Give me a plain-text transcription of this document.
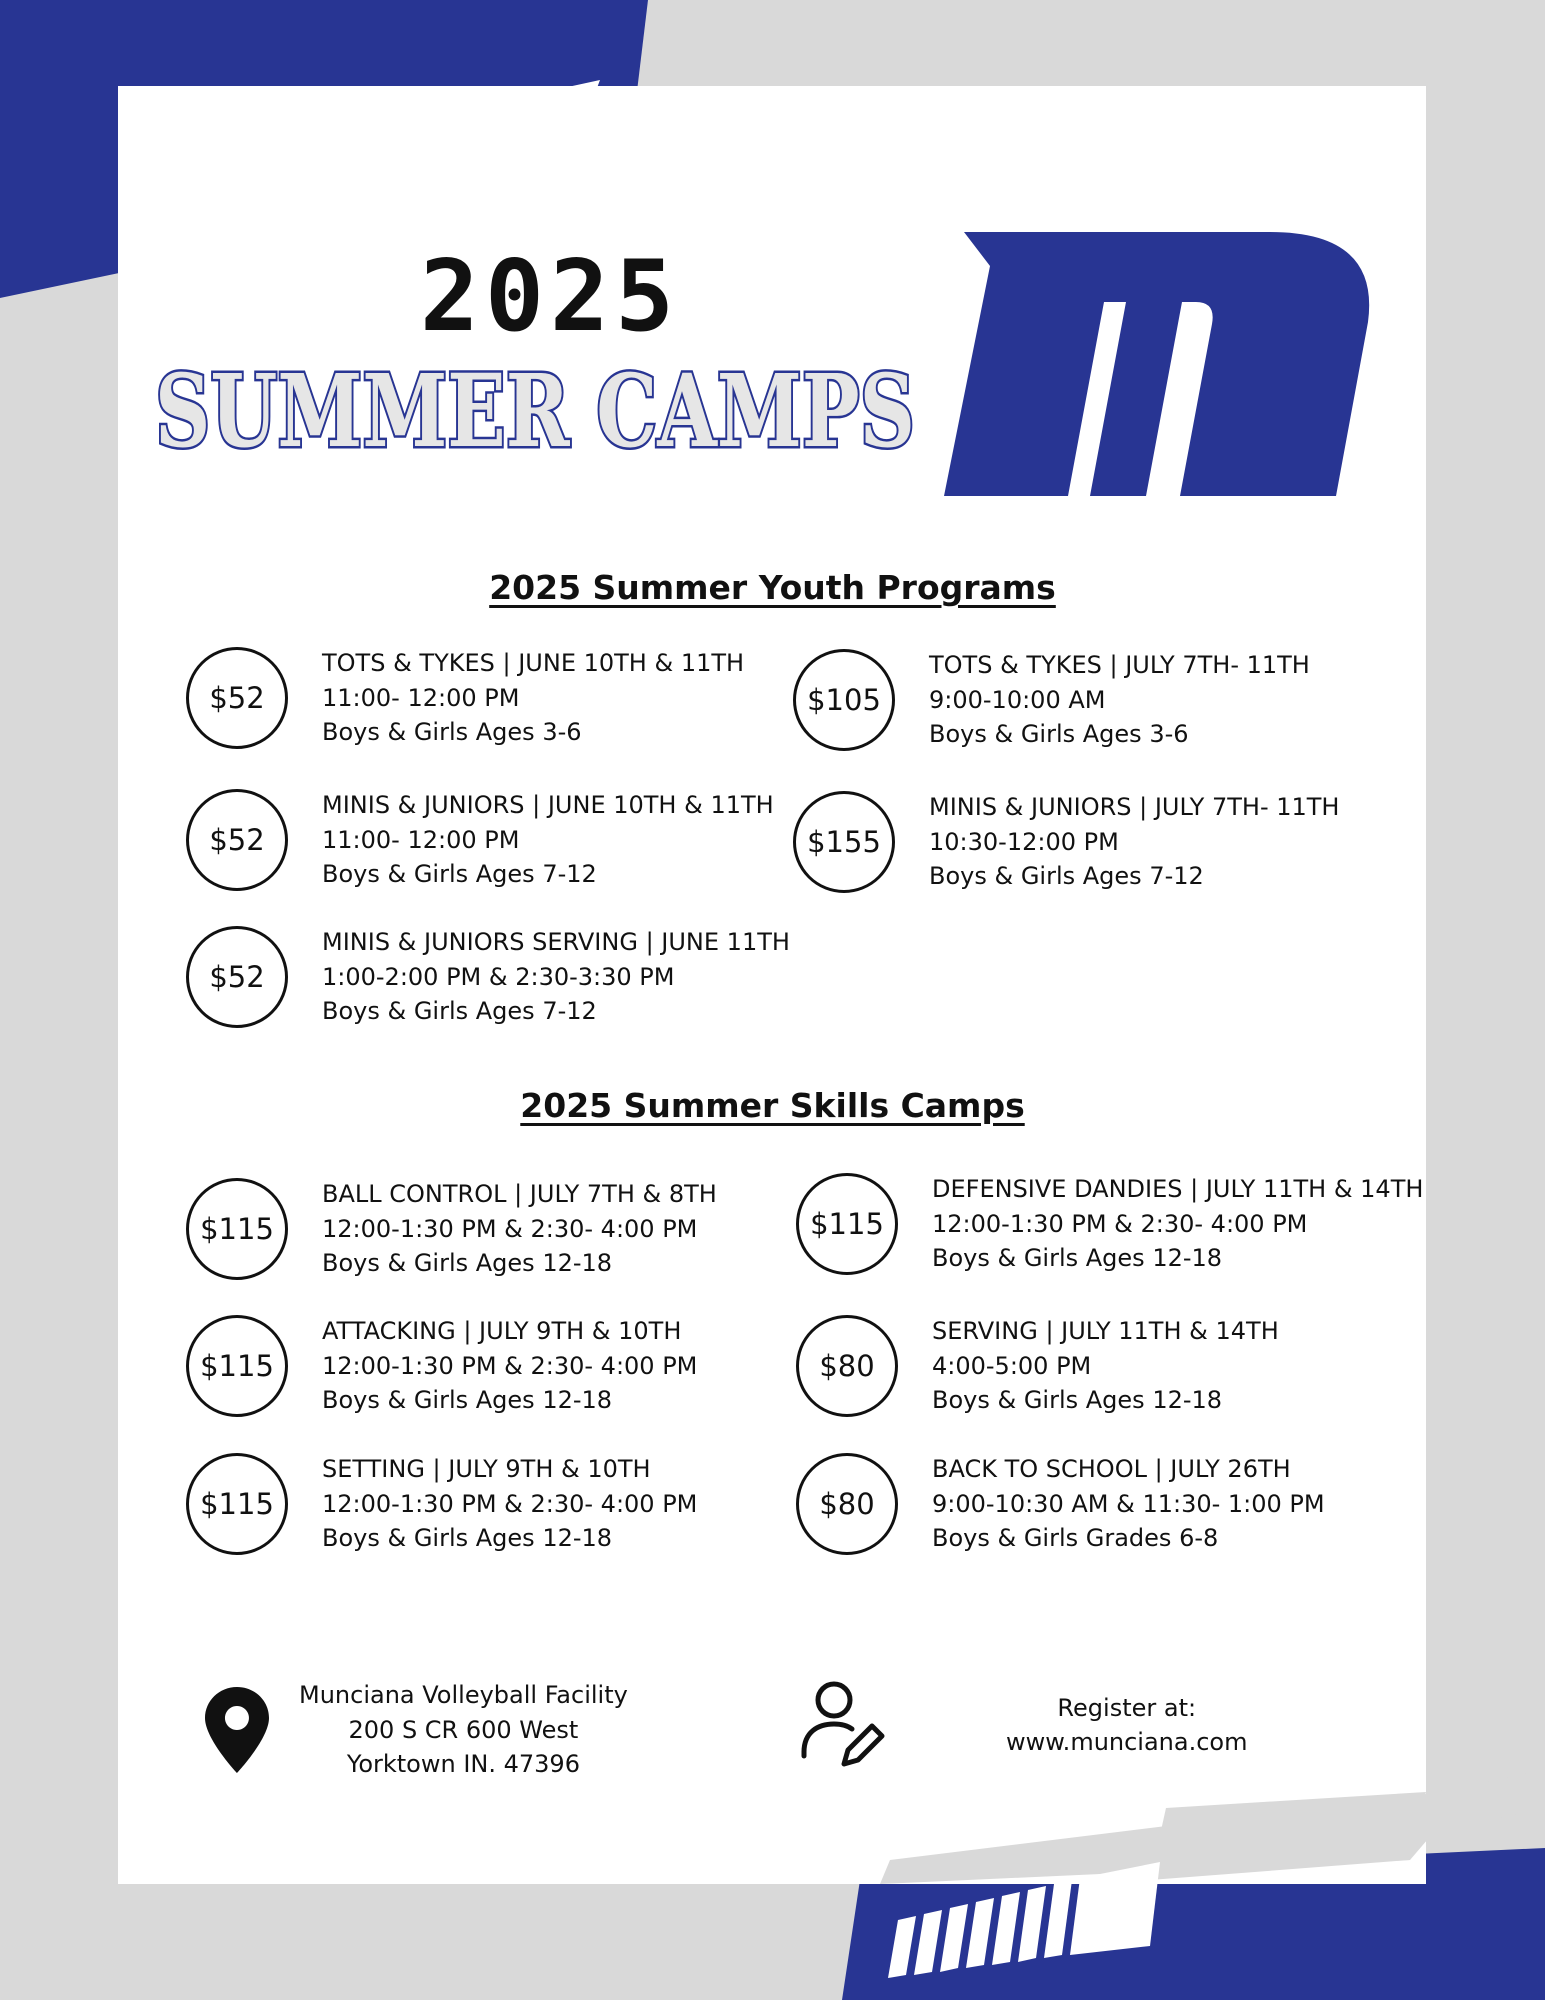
2025
SUMMER CAMPS
2025 Summer Youth Programs
$52
TOTS & TYKES | JUNE 10TH & 11TH
11:00- 12:00 PM
Boys & Girls Ages 3-6
$105
TOTS & TYKES | JULY 7TH- 11TH
9:00-10:00 AM
Boys & Girls Ages 3-6
$52
MINIS & JUNIORS | JUNE 10TH & 11TH
11:00- 12:00 PM
Boys & Girls Ages 7-12
$155
MINIS & JUNIORS | JULY 7TH- 11TH
10:30-12:00 PM
Boys & Girls Ages 7-12
$52
MINIS & JUNIORS SERVING | JUNE 11TH
1:00-2:00 PM & 2:30-3:30 PM
Boys & Girls Ages 7-12
2025 Summer Skills Camps
$115
BALL CONTROL | JULY 7TH & 8TH
12:00-1:30 PM & 2:30- 4:00 PM
Boys & Girls Ages 12-18
$115
DEFENSIVE DANDIES | JULY 11TH & 14TH
12:00-1:30 PM & 2:30- 4:00 PM
Boys & Girls Ages 12-18
$115
ATTACKING | JULY 9TH & 10TH
12:00-1:30 PM & 2:30- 4:00 PM
Boys & Girls Ages 12-18
$80
SERVING | JULY 11TH & 14TH
4:00-5:00 PM
Boys & Girls Ages 12-18
$115
SETTING | JULY 9TH & 10TH
12:00-1:30 PM & 2:30- 4:00 PM
Boys & Girls Ages 12-18
$80
BACK TO SCHOOL | JULY 26TH
9:00-10:30 AM & 11:30- 1:00 PM
Boys & Girls Grades 6-8
Munciana Volleyball Facility
200 S CR 600 West
Yorktown IN. 47396
Register at:
www.munciana.com
